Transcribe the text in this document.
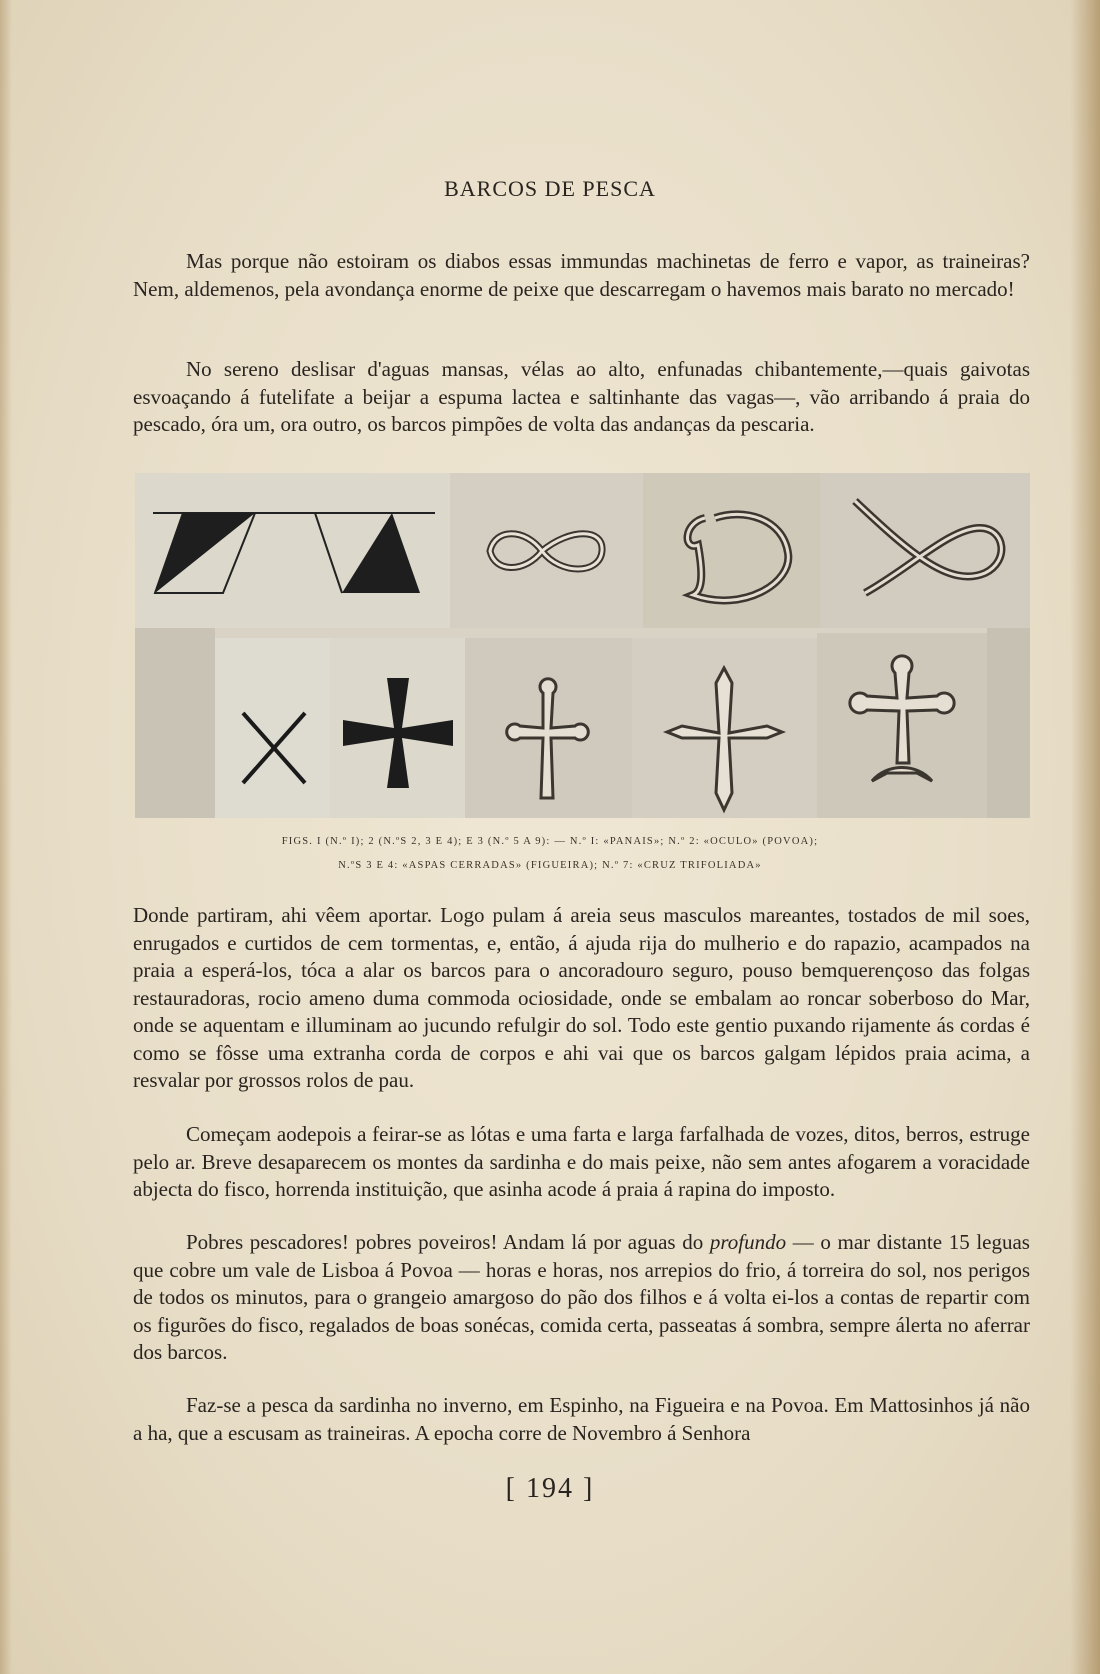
BARCOS DE PESCA

Mas porque não estoiram os diabos essas immundas machinetas de ferro e vapor, as traineiras? Nem, aldemenos, pela avondança enorme de peixe que descarregam o havemos mais barato no mercado!

No sereno deslisar d'aguas mansas, vélas ao alto, enfunadas chibantemente,—quais gaivotas esvoaçando á futelifate a beijar a espuma lactea e saltinhante das vagas—, vão arribando á praia do pescado, óra um, ora outro, os barcos pimpões de volta das andanças da pescaria.

FIGS. I (N.º I); 2 (N.ºS 2, 3 E 4); E 3 (N.º 5 A 9): — N.º I: «PANAIS»; N.º 2: «OCULO» (POVOA);
N.ºS 3 E 4: «ASPAS CERRADAS» (FIGUEIRA); N.º 7: «CRUZ TRIFOLIADA»

Donde partiram, ahi vêem aportar. Logo pulam á areia seus masculos mareantes, tostados de mil soes, enrugados e curtidos de cem tormentas, e, então, á ajuda rija do mulherio e do rapazio, acampados na praia a esperá-los, tóca a alar os barcos para o ancoradouro seguro, pouso bemquerençoso das folgas restauradoras, rocio ameno duma commoda ociosidade, onde se embalam ao roncar soberboso do Mar, onde se aquentam e illuminam ao jucundo refulgir do sol. Todo este gentio puxando rijamente ás cordas é como se fôsse uma extranha corda de corpos e ahi vai que os barcos galgam lépidos praia acima, a resvalar por grossos rolos de pau.

Começam aodepois a feirar-se as lótas e uma farta e larga farfalhada de vozes, ditos, berros, estruge pelo ar. Breve desaparecem os montes da sardinha e do mais peixe, não sem antes afogarem a voracidade abjecta do fisco, horrenda instituição, que asinha acode á praia á rapina do imposto.

Pobres pescadores! pobres poveiros! Andam lá por aguas do profundo — o mar distante 15 leguas que cobre um vale de Lisboa á Povoa — horas e horas, nos arrepios do frio, á torreira do sol, nos perigos de todos os minutos, para o grangeio amargoso do pão dos filhos e á volta ei-los a contas de repartir com os figurões do fisco, regalados de boas sonécas, comida certa, passeatas á sombra, sempre álerta no aferrar dos barcos.

Faz-se a pesca da sardinha no inverno, em Espinho, na Figueira e na Povoa. Em Mattosinhos já não a ha, que a escusam as traineiras. A epocha corre de Novembro á Senhora

[ 194 ]
